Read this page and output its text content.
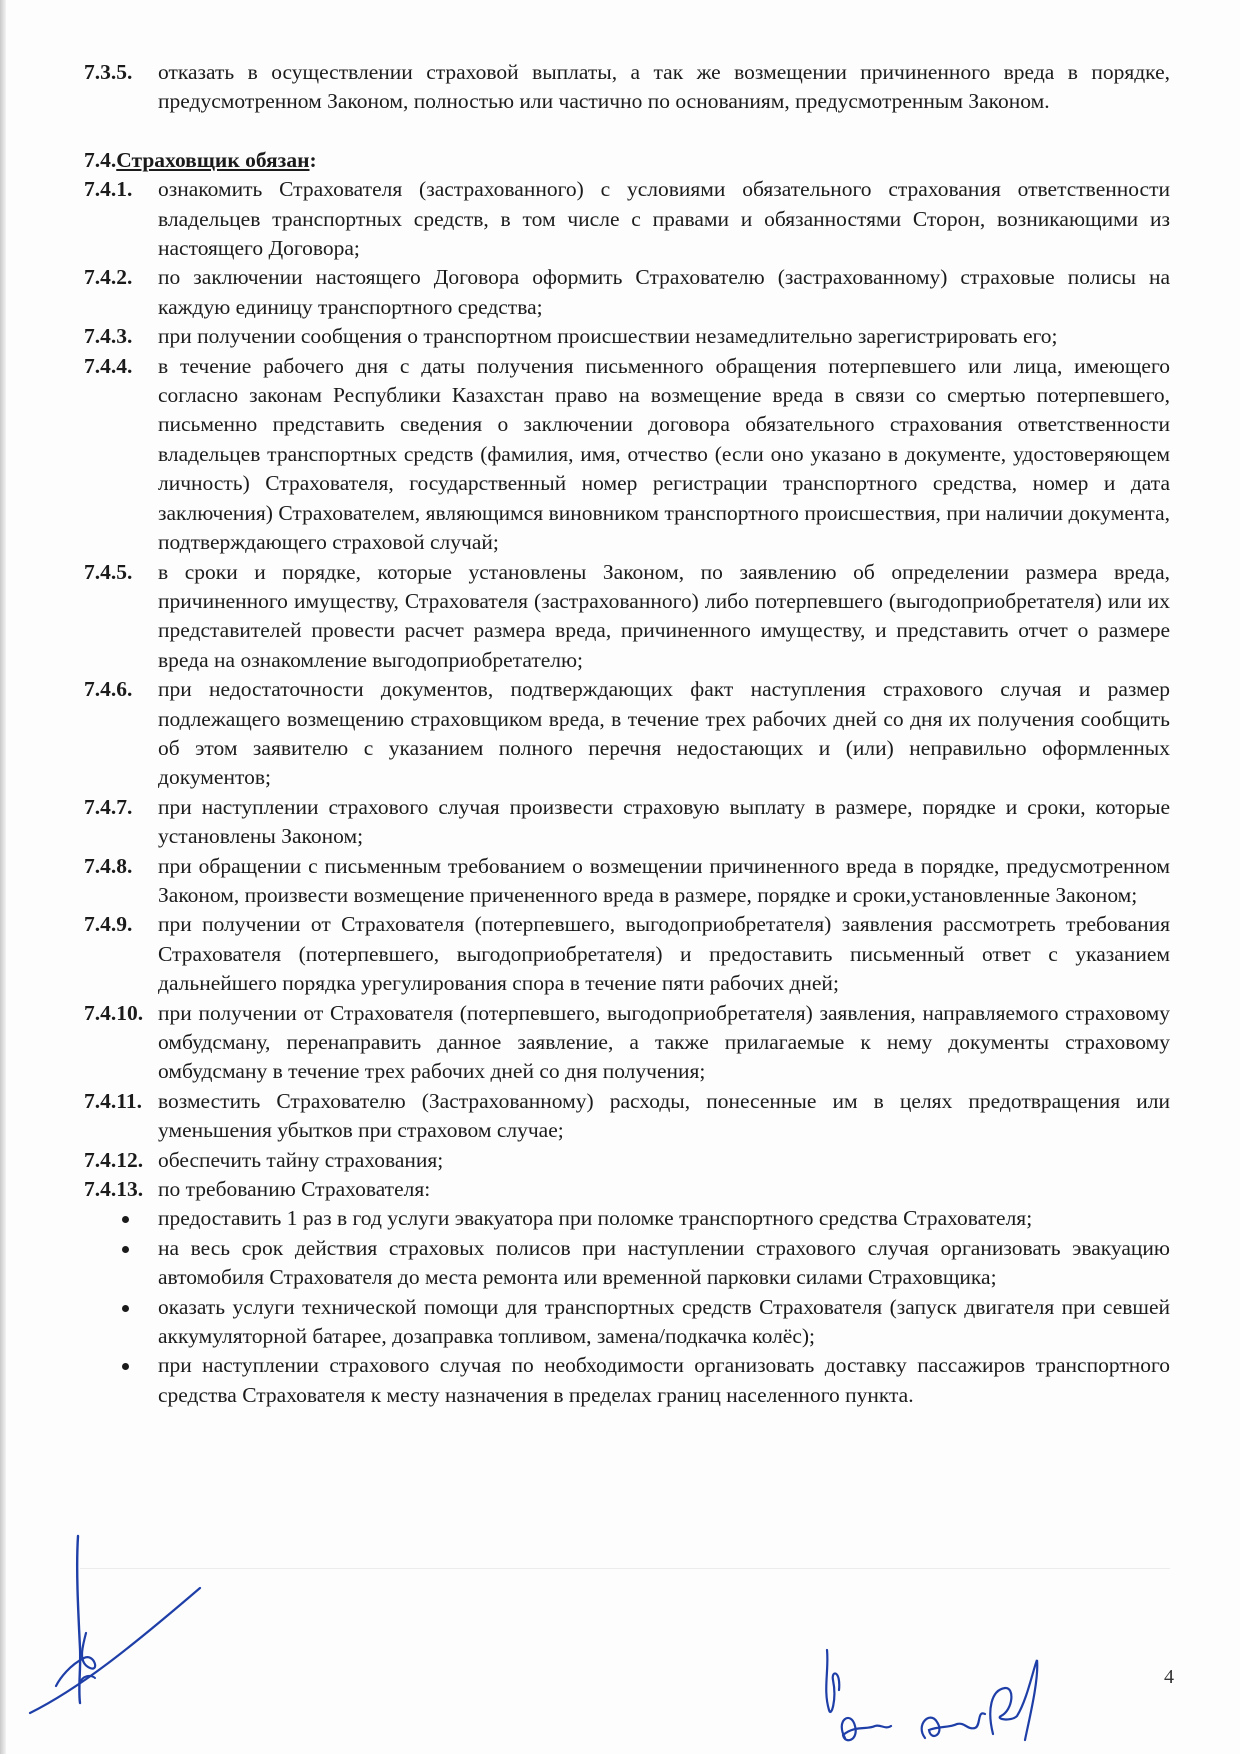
7.3.5.	отказать в осуществлении страховой выплаты, а так же возмещении причиненного вреда в порядке, предусмотренном Законом, полностью или частично по основаниям, предусмотренным Законом.
7.4.Страховщик обязан:
7.4.1.	ознакомить Страхователя (застрахованного) с условиями обязательного страхования ответственности владельцев транспортных средств, в том числе с правами и обязанностями Сторон, возникающими из настоящего Договора;
7.4.2.	по заключении настоящего Договора оформить Страхователю (застрахованному) страховые полисы на каждую единицу транспортного средства;
7.4.3.	при получении сообщения о транспортном происшествии незамедлительно зарегистрировать его;
7.4.4.	в течение рабочего дня с даты получения письменного обращения потерпевшего или лица, имеющего согласно законам Республики Казахстан право на возмещение вреда в связи со смертью потерпевшего, письменно представить сведения о заключении договора обязательного страхования ответственности владельцев транспортных средств (фамилия, имя, отчество (если оно указано в документе, удостоверяющем личность) Страхователя, государственный номер регистрации транспортного средства, номер и дата заключения) Страхователем, являющимся виновником транспортного происшествия, при наличии документа, подтверждающего страховой случай;
7.4.5.	в сроки и порядке, которые установлены Законом, по заявлению об определении размера вреда, причиненного имуществу, Страхователя (застрахованного) либо потерпевшего (выгодоприобретателя) или их представителей провести расчет размера вреда, причиненного имуществу, и представить отчет о размере вреда на ознакомление выгодоприобретателю;
7.4.6.	при недостаточности документов, подтверждающих факт наступления страхового случая и размер подлежащего возмещению страховщиком вреда, в течение трех рабочих дней со дня их получения сообщить об этом заявителю с указанием полного перечня недостающих и (или) неправильно оформленных документов;
7.4.7.	при наступлении страхового случая произвести страховую выплату в размере, порядке и сроки, которые установлены Законом;
7.4.8.	при обращении с письменным требованием о возмещении причиненного вреда в порядке, предусмотренном Законом, произвести возмещение причененного вреда в размере, порядке и сроки,установленные Законом;
7.4.9.	при получении от Страхователя (потерпевшего, выгодоприобретателя) заявления рассмотреть требования Страхователя (потерпевшего, выгодоприобретателя) и предоставить письменный ответ с указанием дальнейшего порядка урегулирования спора в течение пяти рабочих дней;
7.4.10. при получении от Страхователя (потерпевшего, выгодоприобретателя) заявления, направляемого страховому омбудсману, перенаправить данное заявление, а также прилагаемые к нему документы страховому омбудсману в течение трех рабочих дней со дня получения;
7.4.11. возместить Страхователю (Застрахованному) расходы, понесенные им в целях предотвращения или уменьшения убытков при страховом случае;
7.4.12. обеспечить тайну страхования;
7.4.13. по требованию Страхователя:
предоставить 1 раз в год услуги эвакуатора при поломке транспортного средства Страхователя;
на весь срок действия страховых полисов при наступлении страхового случая организовать эвакуацию автомобиля Страхователя до места ремонта или временной парковки силами Страховщика;
оказать услуги технической помощи для транспортных средств Страхователя (запуск двигателя при севшей аккумуляторной батарее, дозаправка топливом, замена/подкачка колёс);
при наступлении страхового случая по необходимости организовать доставку пассажиров транспортного средства Страхователя к месту назначения в пределах границ населенного пункта.
4
